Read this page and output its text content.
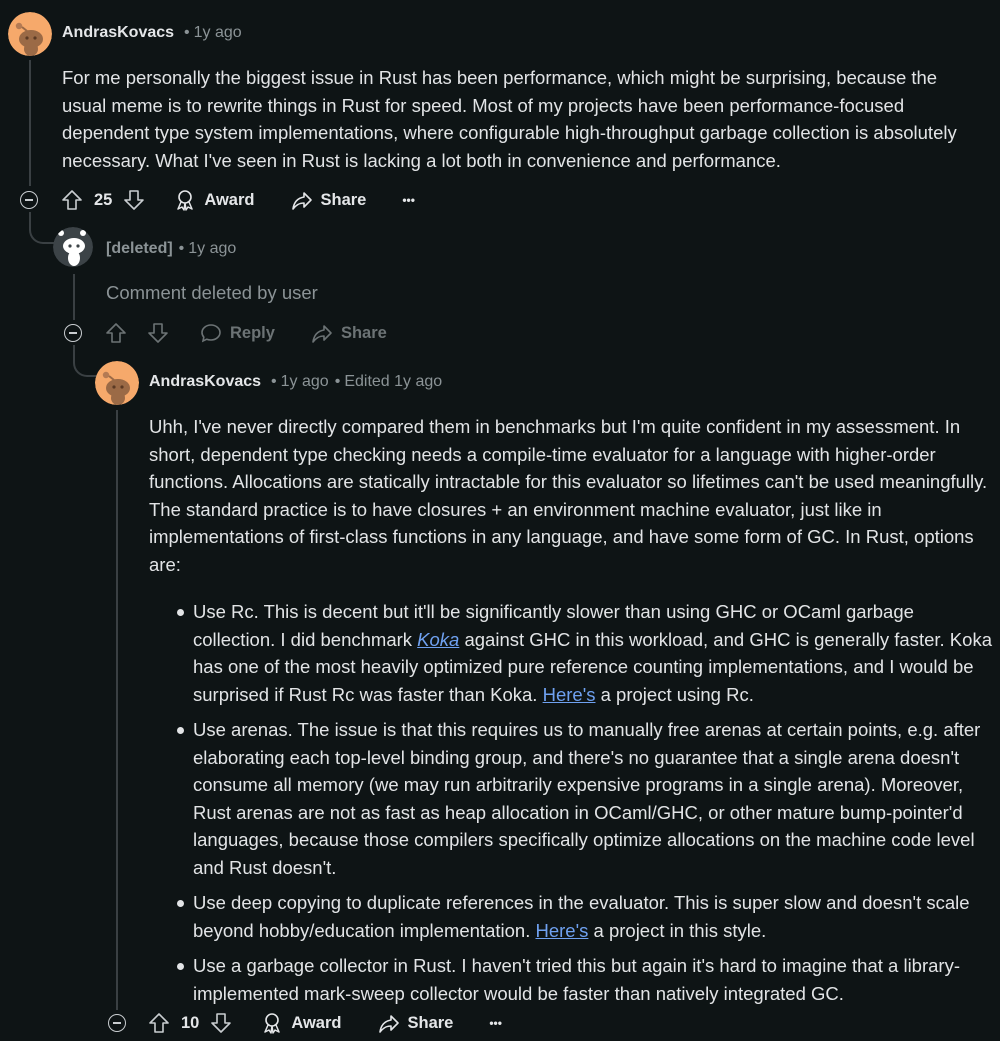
AndrasKovacs • 1y ago
For me personally the biggest issue in Rust has been performance, which might be surprising, because the usual meme is to rewrite things in Rust for speed. Most of my projects have been performance-focused dependent type system implementations, where configurable high-throughput garbage collection is absolutely necessary. What I've seen in Rust is lacking a lot both in convenience and performance.
25	Award	Share	•••
[deleted] • 1y ago
Comment deleted by user
Reply	Share
AndrasKovacs • 1y ago • Edited 1y ago
Uhh, I've never directly compared them in benchmarks but I'm quite confident in my assessment. In short, dependent type checking needs a compile-time evaluator for a language with higher-order functions. Allocations are statically intractable for this evaluator so lifetimes can't be used meaningfully. The standard practice is to have closures + an environment machine evaluator, just like in implementations of first-class functions in any language, and have some form of GC. In Rust, options are:
Use Rc. This is decent but it'll be significantly slower than using GHC or OCaml garbage collection. I did benchmark Koka against GHC in this workload, and GHC is generally faster. Koka has one of the most heavily optimized pure reference counting implementations, and I would be surprised if Rust Rc was faster than Koka. Here's a project using Rc.
Use arenas. The issue is that this requires us to manually free arenas at certain points, e.g. after elaborating each top-level binding group, and there's no guarantee that a single arena doesn't consume all memory (we may run arbitrarily expensive programs in a single arena). Moreover, Rust arenas are not as fast as heap allocation in OCaml/GHC, or other mature bump-pointer'd languages, because those compilers specifically optimize allocations on the machine code level and Rust doesn't.
Use deep copying to duplicate references in the evaluator. This is super slow and doesn't scale beyond hobby/education implementation. Here's a project in this style.
Use a garbage collector in Rust. I haven't tried this but again it's hard to imagine that a library-implemented mark-sweep collector would be faster than natively integrated GC.
10	Award	Share	•••
